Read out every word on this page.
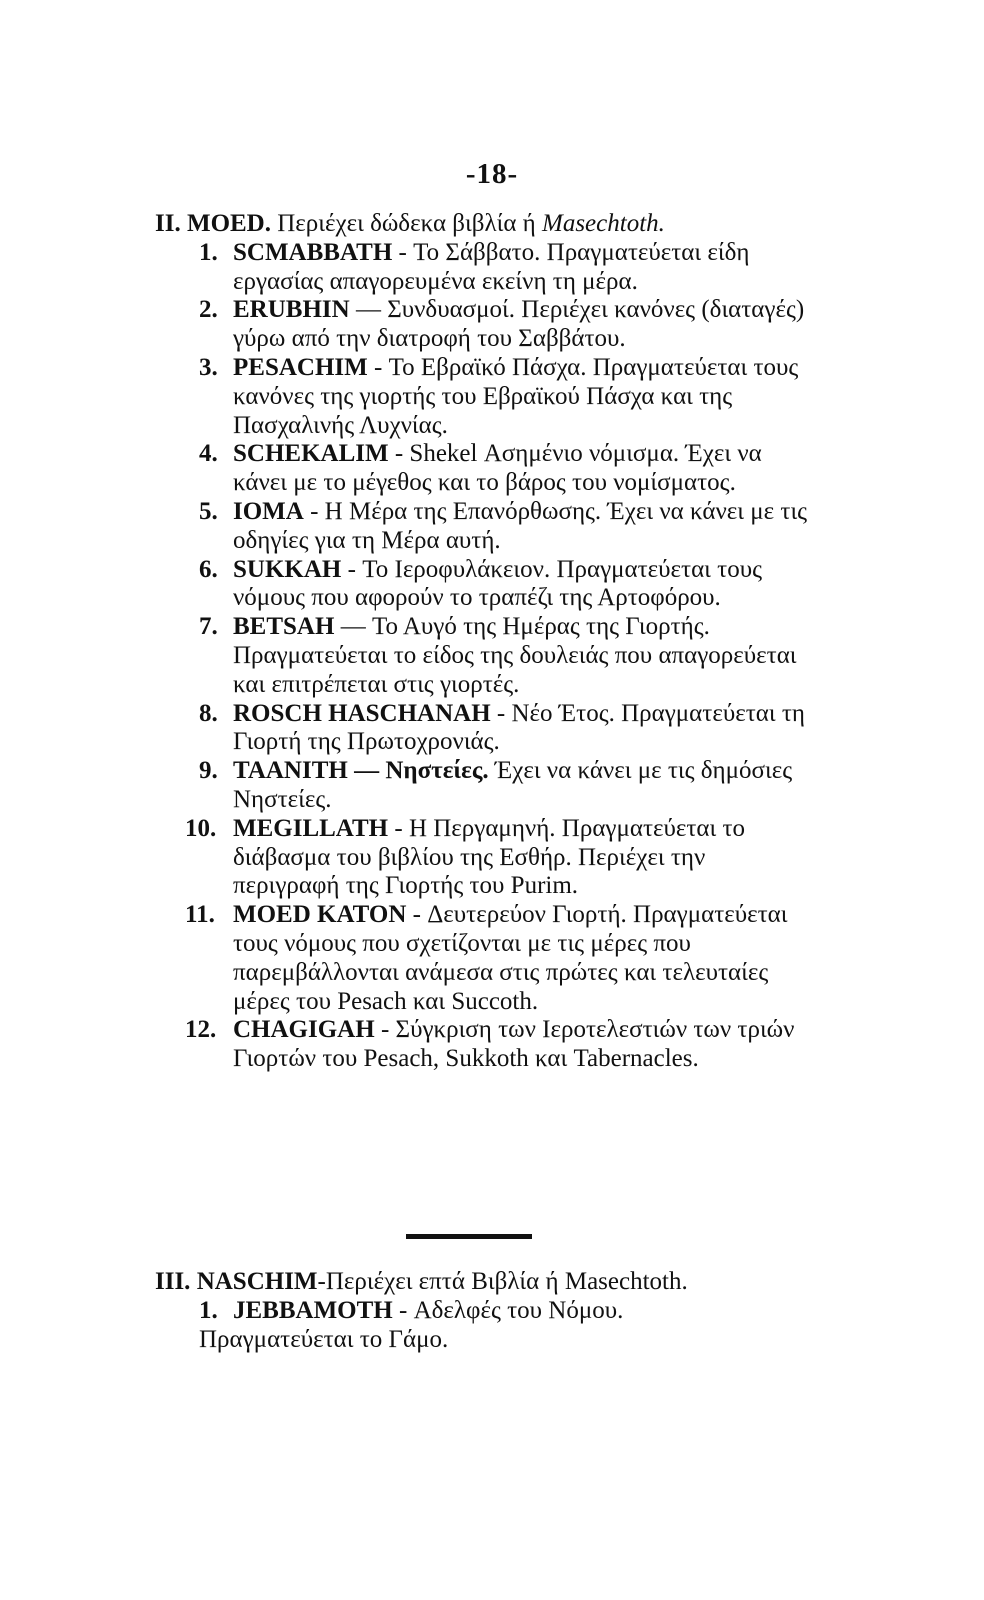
-18-
II. MOED. Περιέχει δώδεκα βιβλία ή Masechtoth.
1. SCMABBATH - Το Σάββατο. Πραγματεύεται είδη εργασίας απαγορευμένα εκείνη τη μέρα.
2. ERUBHIN — Συνδυασμοί. Περιέχει κανόνες (διαταγές) γύρω από την διατροφή του Σαββάτου.
3. PESACHIM - Το Εβραϊκό Πάσχα. Πραγματεύεται τους κανόνες της γιορτής του Εβραϊκού Πάσχα και της Πασχαλινής Λυχνίας.
4. SCHEKALIM - Shekel Ασημένιο νόμισμα. Έχει να κάνει με το μέγεθος και το βάρος του νομίσματος.
5. IOMA - Η Μέρα της Επανόρθωσης. Έχει να κάνει με τις οδηγίες για τη Μέρα αυτή.
6. SUKKAH - Το Ιεροφυλάκειον. Πραγματεύεται τους νόμους που αφορούν το τραπέζι της Αρτοφόρου.
7. BETSAH — Το Αυγό της Ημέρας της Γιορτής. Πραγματεύεται το είδος της δουλειάς που απαγορεύεται και επιτρέπεται στις γιορτές.
8. ROSCH HASCHANAH - Νέο Έτος. Πραγματεύεται τη Γιορτή της Πρωτοχρονιάς.
9. TAANITH — Νηστείες. Έχει να κάνει με τις δημόσιες Νηστείες.
10. MEGILLATH - Η Περγαμηνή. Πραγματεύεται το διάβασμα του βιβλίου της Εσθήρ. Περιέχει την περιγραφή της Γιορτής του Purim.
11. MOED KATON - Δευτερεύον Γιορτή. Πραγματεύεται τους νόμους που σχετίζονται με τις μέρες που παρεμβάλλονται ανάμεσα στις πρώτες και τελευταίες μέρες του Pesach και Succoth.
12. CHAGIGAH - Σύγκριση των Ιεροτελεστιών των τριών Γιορτών του Pesach, Sukkoth και Tabernacles.
III. NASCHIM-Περιέχει επτά Βιβλία ή Masechtoth.
1. JEBBAMOTH - Αδελφές του Νόμου.
Πραγματεύεται το Γάμο.
